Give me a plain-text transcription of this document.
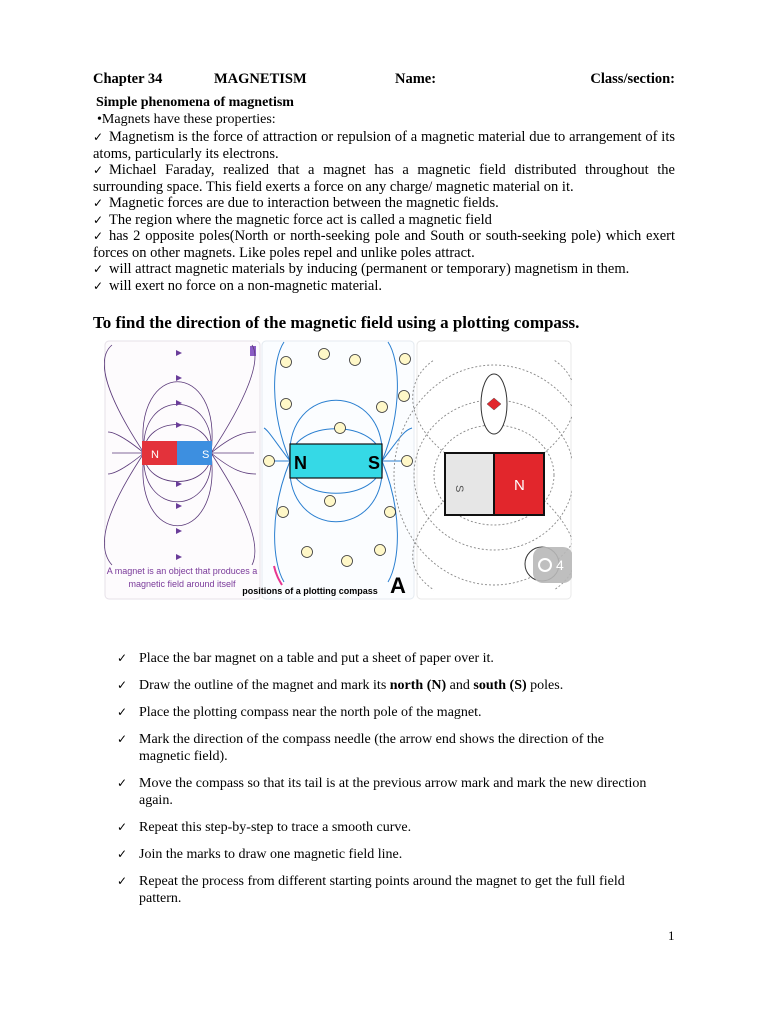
Chapter 34	MAGNETISM	Name:	Class/section:
Simple phenomena of magnetism
•Magnets have these properties:

✓ Magnetism is the force of attraction or repulsion of a magnetic material due to arrangement of its atoms, particularly its electrons.

✓ Michael Faraday, realized that a magnet has a magnetic field distributed throughout the surrounding space. This field exerts a force on any charge/ magnetic material on it.

✓ Magnetic forces are due to interaction between the magnetic fields.

✓ The region where the magnetic force act is called a magnetic field

✓ has 2 opposite poles(North or north-seeking pole and South or south-seeking pole) which exert forces on other magnets. Like poles repel and unlike poles attract.

✓ will attract magnetic materials by inducing (permanent or temporary) magnetism in them.

✓ will exert no force on a non-magnetic material.

To find the direction of the magnetic field using a plotting compass.
N	S
A magnet is an object that produces a
magnetic field around itself
N	S
positions of a plotting compass A
S	N
4
✓ Place the bar magnet on a table and put a sheet of paper over it.
✓ Draw the outline of the magnet and mark its north (N) and south (S) poles.
✓ Place the plotting compass near the north pole of the magnet.
✓ Mark the direction of the compass needle (the arrow end shows the direction of the magnetic field).
✓ Move the compass so that its tail is at the previous arrow mark and mark the new direction again.
✓ Repeat this step-by-step to trace a smooth curve.
✓ Join the marks to draw one magnetic field line.
✓ Repeat the process from different starting points around the magnet to get the full field pattern.
1
